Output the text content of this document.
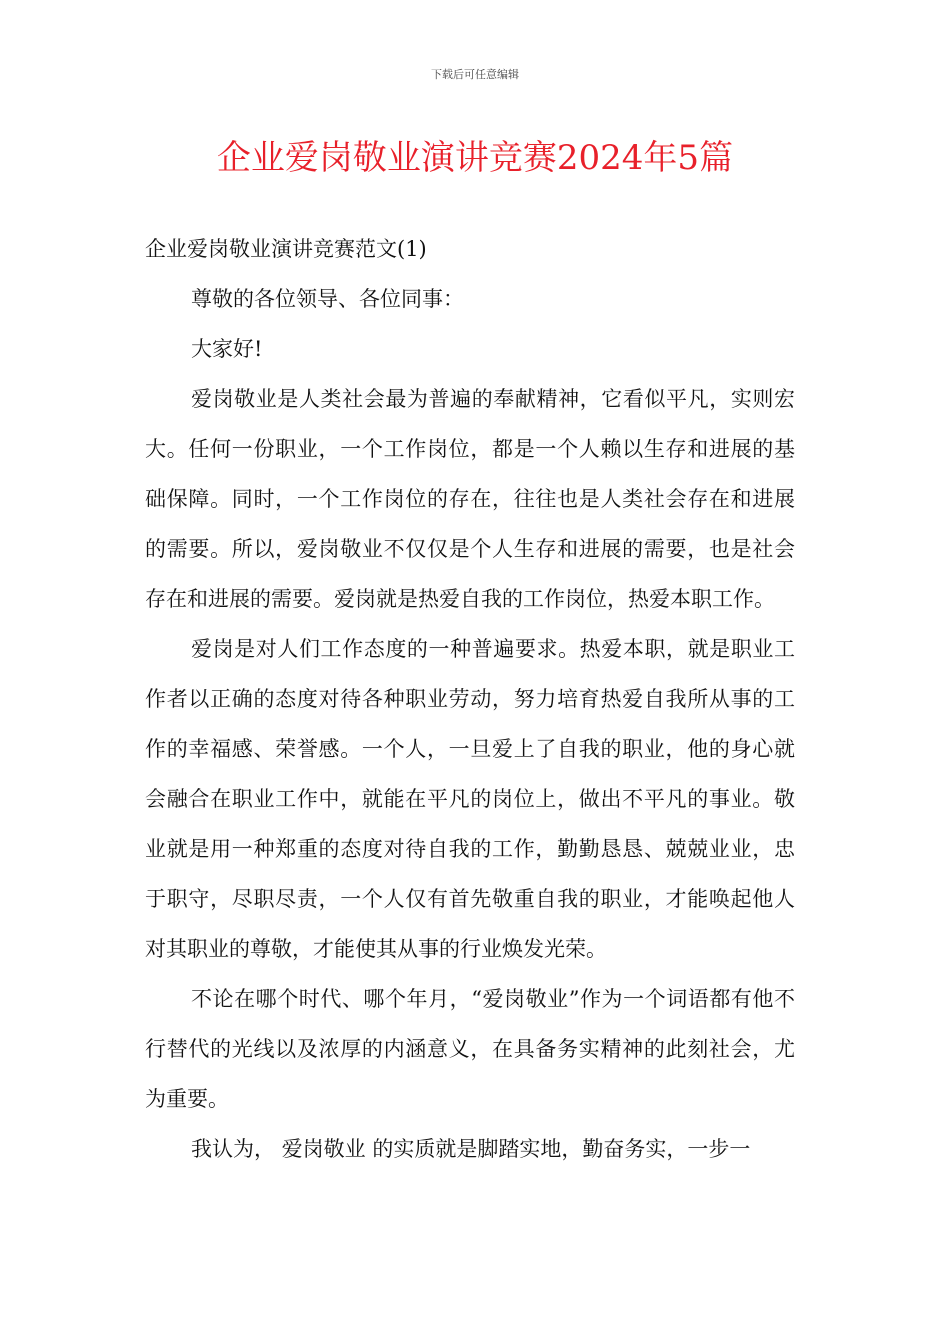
下载后可任意编辑
企业爱岗敬业演讲竞赛2024年5篇

企业爱岗敬业演讲竞赛范文(1)

尊敬的各位领导、各位同事：

大家好!

爱岗敬业是人类社会最为普遍的奉献精神，它看似平凡，实则宏大。任何一份职业，一个工作岗位，都是一个人赖以生存和进展的基础保障。同时，一个工作岗位的存在，往往也是人类社会存在和进展的需要。所以，爱岗敬业不仅仅是个人生存和进展的需要，也是社会存在和进展的需要。爱岗就是热爱自我的工作岗位，热爱本职工作。

爱岗是对人们工作态度的一种普遍要求。热爱本职，就是职业工作者以正确的态度对待各种职业劳动，努力培育热爱自我所从事的工作的幸福感、荣誉感。一个人，一旦爱上了自我的职业，他的身心就会融合在职业工作中，就能在平凡的岗位上，做出不平凡的事业。敬业就是用一种郑重的态度对待自我的工作，勤勤恳恳、兢兢业业，忠于职守，尽职尽责，一个人仅有首先敬重自我的职业，才能唤起他人对其职业的尊敬，才能使其从事的行业焕发光荣。

不论在哪个时代、哪个年月，“爱岗敬业”作为一个词语都有他不行替代的光线以及浓厚的内涵意义，在具备务实精神的此刻社会，尤为重要。

我认为， 爱岗敬业 的实质就是脚踏实地，勤奋务实，一步一
